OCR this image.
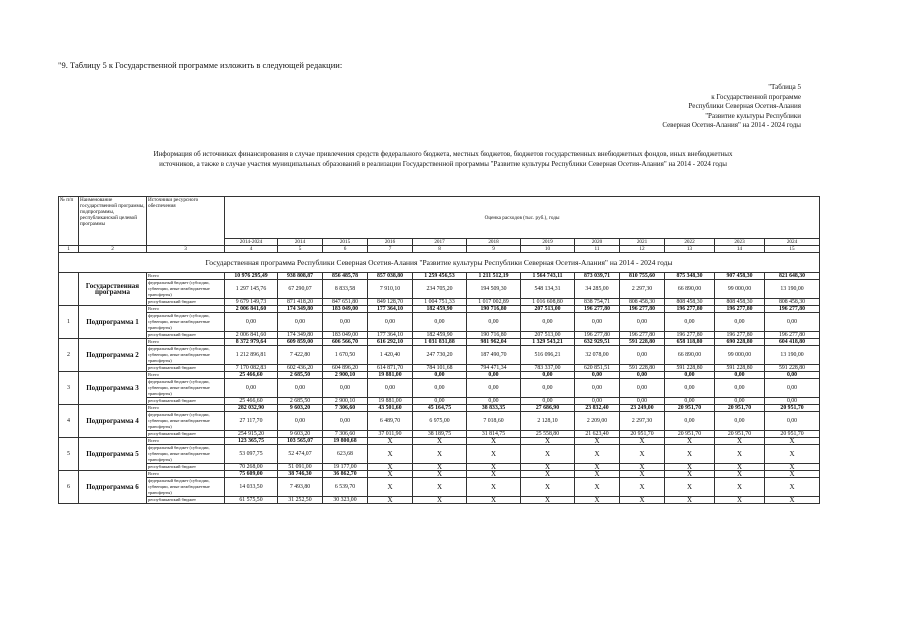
"9. Таблицу 5 к Государственной программе изложить в следующей редакции:
"Таблица 5
к Государственной программе
Республики Северная Осетия-Алания
"Развитие культуры Республики
Северная Осетия-Алания" на 2014 - 2024 годы
Информация об источниках финансирования в случае привлечения средств федерального бюджета, местных бюджетов, бюджетов государственных внебюджетных фондов, иных внебюджетных
источников, а также в случае участия муниципальных образований в реализации Государственной программы "Развитие культуры Республики Северная Осетия-Алания" на 2014 - 2024 годы
№ п/п	Наименование государственной программы, подпрограммы, республиканской целевой программы	Источники ресурсного обеспечения	Оценка расходов (тыс. руб.), годы											
			2014-2024	2014	2015	2016	2017	2018	2019	2020	2021	2022	2023	2024
1	2	3	4	5	6	7	8	9	10	11	12	13	14	15
Государственная программа Республики Северная Осетия-Алания "Развитие культуры Республики Северная Осетия-Алания" на 2014 - 2024 годы														
	Государственная программа	Всего	10 976 295,49	938 808,87	856 485,78	857 038,80	1 259 456,53	1 211 512,19	1 564 743,11	873 039,71	810 755,60	875 348,30	907 458,30	821 648,30
		федеральный бюджет (субсидии, субвенции, иные межбюджетные трансферты)	1 297 145,76	67 290,07	8 833,58	7 910,10	234 705,20	194 509,30	548 134,31	34 285,00	2 297,30	66 890,00	99 000,00	13 190,00
		республиканский бюджет	9 679 149,73	871 418,20	847 651,80	849 128,70	1 004 751,33	1 017 002,89	1 016 608,80	838 754,71	808 458,30	808 458,30	808 458,30	808 458,30
1	Подпрограмма 1	Всего	2 006 841,60	174 349,80	183 049,00	177 364,10	182 459,90	190 716,80	207 513,00	196 277,80	196 277,80	196 277,80	196 277,80	196 277,80
		федеральный бюджет (субсидии, субвенции, иные межбюджетные трансферты)	0,00	0,00	0,00	0,00	0,00	0,00	0,00	0,00	0,00	0,00	0,00	0,00
		республиканский бюджет	2 006 841,60	174 349,80	183 049,00	177 364,10	182 459,90	190 716,80	207 513,00	196 277,80	196 277,80	196 277,80	196 277,80	196 277,80
2	Подпрограмма 2	Всего	8 372 979,64	609 859,00	606 566,70	616 292,10	1 031 831,88	981 962,04	1 329 543,21	632 929,51	591 228,80	658 118,80	690 228,80	604 418,80
		федеральный бюджет (субсидии, субвенции, иные межбюджетные трансферты)	1 212 896,81	7 422,80	1 670,50	1 420,40	247 730,20	187 490,70	516 096,21	32 078,00	0,00	66 890,00	99 000,00	13 190,00
		республиканский бюджет	7 170 082,83	602 436,20	604 896,20	614 871,70	784 101,68	794 471,34	783 337,00	620 851,51	591 228,80	591 228,80	591 228,80	591 228,80
3	Подпрограмма 3	Всего	25 466,60	2 685,50	2 900,10	19 881,00	0,00	0,00	0,00	0,00	0,00	0,00	0,00	0,00
		федеральный бюджет (субсидии, субвенции, иные межбюджетные трансферты)	0,00	0,00	0,00	0,00	0,00	0,00	0,00	0,00	0,00	0,00	0,00	0,00
		республиканский бюджет	25 466,60	2 685,50	2 900,10	19 881,00	0,00	0,00	0,00	0,00	0,00	0,00	0,00	0,00
4	Подпрограмма 4	Всего	282 032,90	9 603,20	7 306,60	43 501,60	45 164,75	38 833,35	27 686,90	23 832,40	23 249,00	20 951,70	20 951,70	20 951,70
		федеральный бюджет (субсидии, субвенции, иные межбюджетные трансферты)	27 117,70	0,00	0,00	6 489,70	6 975,00	7 018,60	2 128,10	2 209,00	2 297,30	0,00	0,00	0,00
		республиканский бюджет	254 915,20	9 603,20	7 306,60	37 011,90	38 189,75	31 814,75	25 558,80	21 623,40	20 951,70	20 951,70	20 951,70	20 951,70
5	Подпрограмма 5	Всего	123 365,75	103 565,07	19 800,68	X	X	X	X	X	X	X	X	X
		федеральный бюджет (субсидии, субвенции, иные межбюджетные трансферты)	53 097,75	52 474,07	623,68	X	X	X	X	X	X	X	X	X
		республиканский бюджет	70 268,00	51 091,00	19 177,00	X	X	X	X	X	X	X	X	X
6	Подпрограмма 6	Всего	75 609,00	38 746,30	36 862,70	X	X	X	X	X	X	X	X	X
		федеральный бюджет (субсидии, субвенции, иные межбюджетные трансферты)	14 033,50	7 493,80	6 539,70	X	X	X	X	X	X	X	X	X
		республиканский бюджет	61 575,50	31 252,50	30 323,00	X	X	X	X	X	X	X	X	X
